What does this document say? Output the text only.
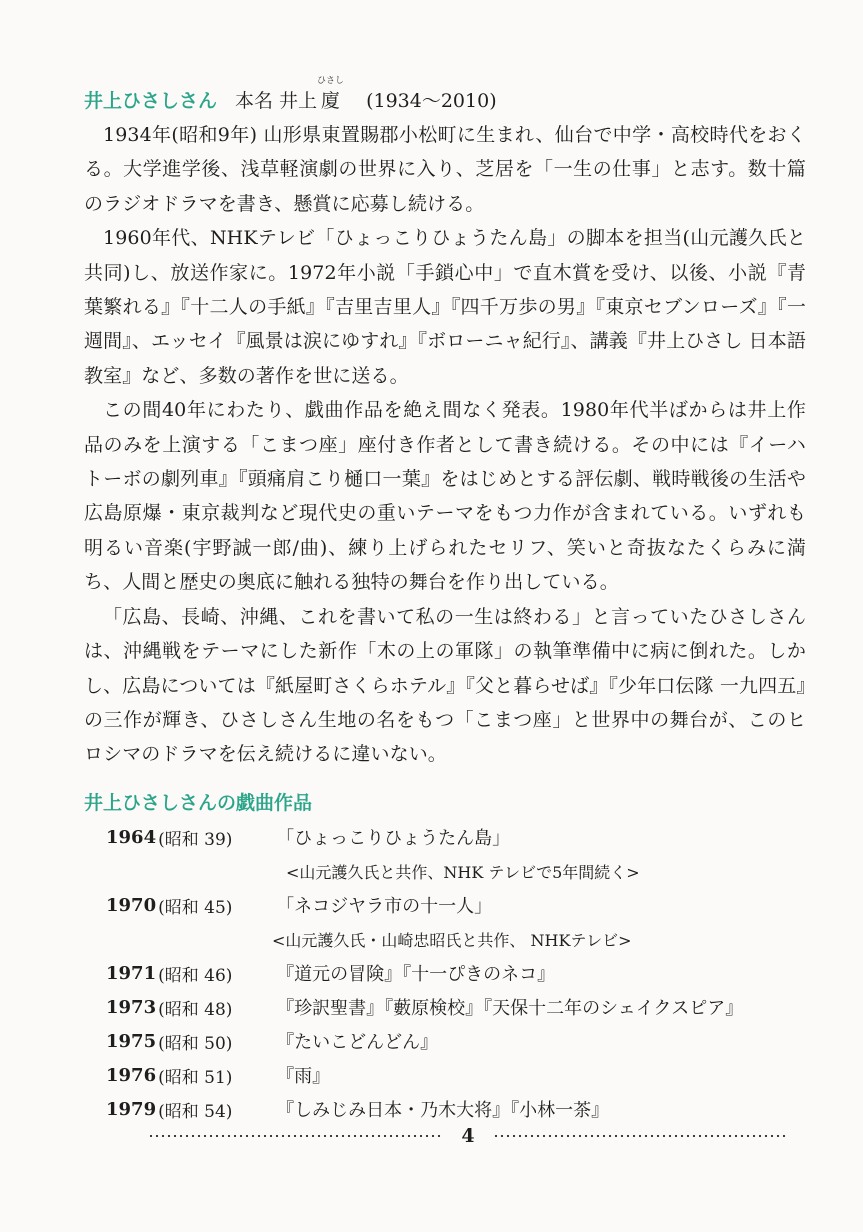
井上ひさしさん 本名 井上
ひさし
廈 (1934～2010)

1934年(昭和9年) 山形県東置賜郡小松町に生まれ、仙台で中学・高校時代をおくる。大学進学後、浅草軽演劇の世界に入り、芝居を「一生の仕事」と志す。数十篇のラジオドラマを書き、懸賞に応募し続ける。

1960年代、NHKテレビ「ひょっこりひょうたん島」の脚本を担当(山元護久氏と共同)し、放送作家に。1972年小説「手鎖心中」で直木賞を受け、以後、小説『青葉繁れる』『十二人の手紙』『吉里吉里人』『四千万歩の男』『東京セブンローズ』『一週間』、エッセイ『風景は涙にゆすれ』『ボローニャ紀行』、講義『井上ひさし 日本語教室』など、多数の著作を世に送る。

この間40年にわたり、戯曲作品を絶え間なく発表。1980年代半ばからは井上作品のみを上演する「こまつ座」座付き作者として書き続ける。その中には『イーハトーボの劇列車』『頭痛肩こり樋口一葉』をはじめとする評伝劇、戦時戦後の生活や広島原爆・東京裁判など現代史の重いテーマをもつ力作が含まれている。いずれも明るい音楽(宇野誠一郎/曲)、練り上げられたセリフ、笑いと奇抜なたくらみに満ち、人間と歴史の奥底に触れる独特の舞台を作り出している。

「広島、長崎、沖縄、これを書いて私の一生は終わる」と言っていたひさしさんは、沖縄戦をテーマにした新作「木の上の軍隊」の執筆準備中に病に倒れた。しかし、広島については『紙屋町さくらホテル』『父と暮らせば』『少年口伝隊 一九四五』の三作が輝き、ひさしさん生地の名をもつ「こまつ座」と世界中の舞台が、このヒロシマのドラマを伝え続けるに違いない。

井上ひさしさんの戯曲作品
1964 (昭和 39)	「ひょっこりひょうたん島」
<山元護久氏と共作、NHK テレビで5年間続く>
1970 (昭和 45)	「ネコジヤラ市の十一人」
<山元護久氏・山崎忠昭氏と共作、 NHKテレビ>
1971 (昭和 46)	『道元の冒険』『十一ぴきのネコ』
1973 (昭和 48)	『珍訳聖書』『藪原検校』『天保十二年のシェイクスピア』
1975 (昭和 50)	『たいこどんどん』
1976 (昭和 51)	『雨』
1979 (昭和 54)	『しみじみ日本・乃木大将』『小林一茶』
4
